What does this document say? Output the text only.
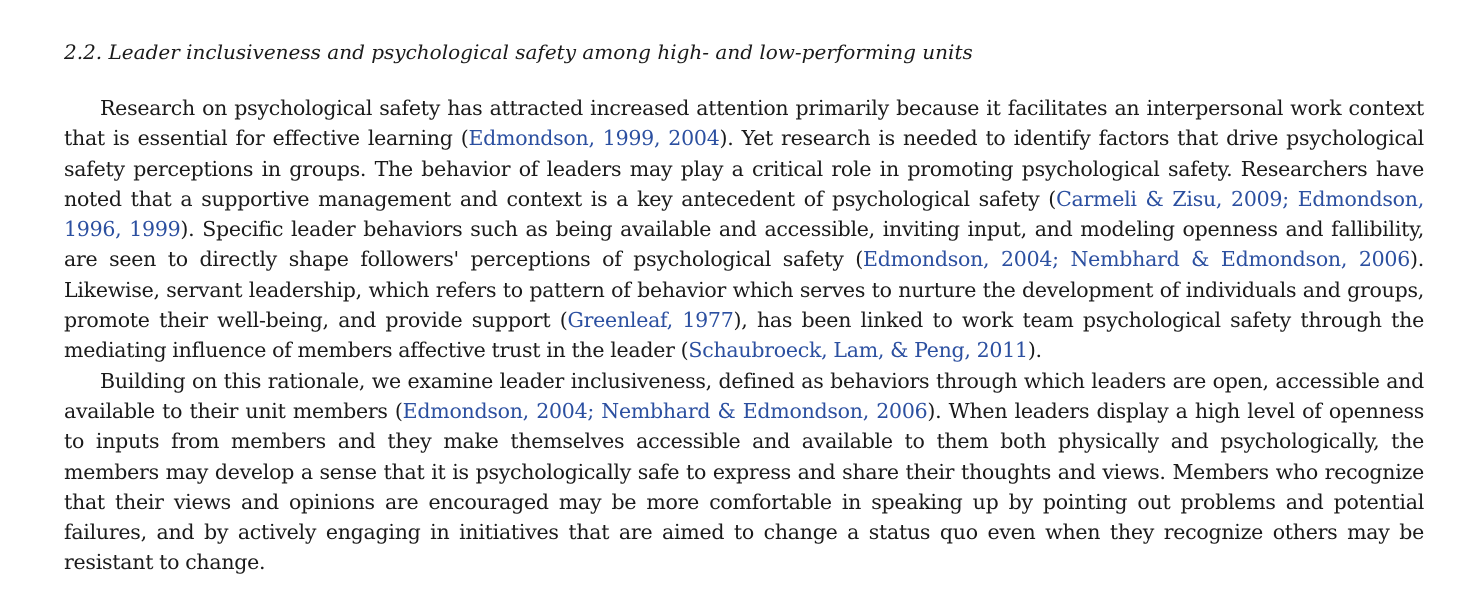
2.2. Leader inclusiveness and psychological safety among high- and low-performing units

Research on psychological safety has attracted increased attention primarily because it facilitates an interpersonal work context that is essential for effective learning (Edmondson, 1999, 2004). Yet research is needed to identify factors that drive psychological safety perceptions in groups. The behavior of leaders may play a critical role in promoting psychological safety. Researchers have noted that a supportive management and context is a key antecedent of psychological safety (Carmeli & Zisu, 2009; Edmondson, 1996, 1999). Specific leader behaviors such as being available and accessible, inviting input, and modeling openness and fallibility, are seen to directly shape followers' perceptions of psychological safety (Edmondson, 2004; Nembhard & Edmondson, 2006). Likewise, servant leadership, which refers to pattern of behavior which serves to nurture the development of individuals and groups, promote their well-being, and provide support (Greenleaf, 1977), has been linked to work team psychological safety through the mediating influence of members affective trust in the leader (Schaubroeck, Lam, & Peng, 2011).

Building on this rationale, we examine leader inclusiveness, defined as behaviors through which leaders are open, accessible and available to their unit members (Edmondson, 2004; Nembhard & Edmondson, 2006). When leaders display a high level of openness to inputs from members and they make themselves accessible and available to them both physically and psychologically, the members may develop a sense that it is psychologically safe to express and share their thoughts and views. Members who recognize that their views and opinions are encouraged may be more comfortable in speaking up by pointing out problems and potential failures, and by actively engaging in initiatives that are aimed to change a status quo even when they recognize others may be resistant to change.
